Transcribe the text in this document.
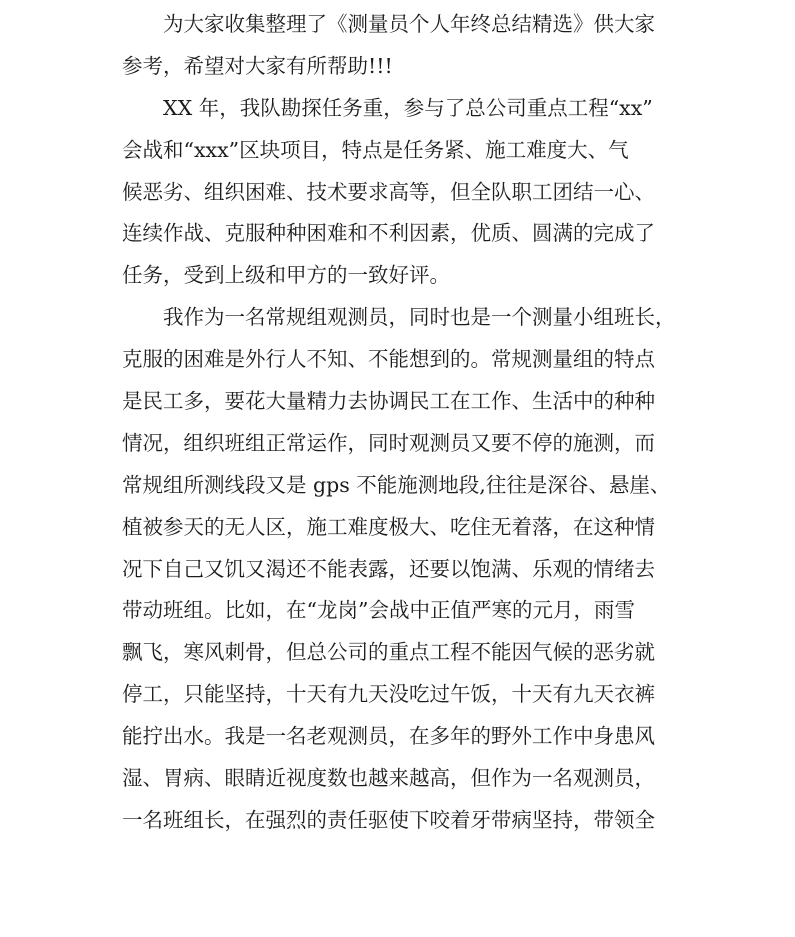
为大家收集整理了《测量员个人年终总结精选》供大家
参考，希望对大家有所帮助!!!
XX 年，我队勘探任务重，参与了总公司重点工程“xx”
会战和“xxx”区块项目，特点是任务紧、施工难度大、气
候恶劣、组织困难、技术要求高等，但全队职工团结一心、
连续作战、克服种种困难和不利因素，优质、圆满的完成了
任务，受到上级和甲方的一致好评。
我作为一名常规组观测员，同时也是一个测量小组班长，
克服的困难是外行人不知、不能想到的。常规测量组的特点
是民工多，要花大量精力去协调民工在工作、生活中的种种
情况，组织班组正常运作，同时观测员又要不停的施测，而
常规组所测线段又是 gps 不能施测地段,往往是深谷、悬崖、
植被参天的无人区，施工难度极大、吃住无着落，在这种情
况下自己又饥又渴还不能表露，还要以饱满、乐观的情绪去
带动班组。比如，在“龙岗”会战中正值严寒的元月，雨雪
飘飞，寒风刺骨，但总公司的重点工程不能因气候的恶劣就
停工，只能坚持，十天有九天没吃过午饭，十天有九天衣裤
能拧出水。我是一名老观测员，在多年的野外工作中身患风
湿、胃病、眼睛近视度数也越来越高，但作为一名观测员，
一名班组长，在强烈的责任驱使下咬着牙带病坚持，带领全
